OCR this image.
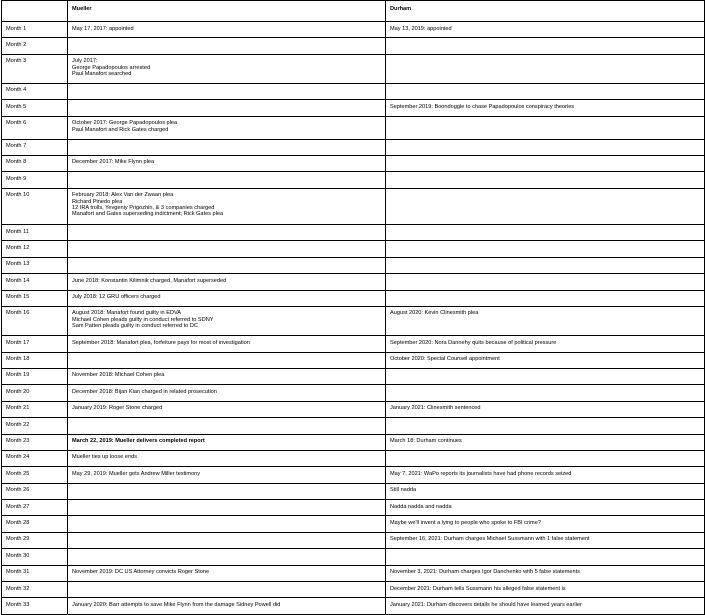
	Mueller	Durham
Month 1	May 17, 2017: appointed	May 13, 2019: appointed
Month 2		
Month 3	July 2017:
George Papadopoulos arrested
Paul Manafort searched	
Month 4		
Month 5		September 2019: Boondoggle to chase Papadopoulos conspiracy theories
Month 6	October 2017: George Papadopoulos plea
Paul Manafort and Rick Gates charged	
Month 7		
Month 8	December 2017: Mike Flynn plea	
Month 9		
Month 10	February 2018: Alex Van der Zwaan plea
Richard Pinedo plea
12 IRA trolls, Yevgeniy Prigozhin, & 3 companies charged
Manafort and Gates superseding indictment; Rick Gates plea	
Month 11		
Month 12		
Month 13		
Month 14	June 2018: Konstantin Kilimnik charged, Manafort superseded	
Month 15	July 2018: 12 GRU officers charged	
Month 16	August 2018: Manafort found guilty in EDVA
Michael Cohen pleads guilty in conduct referred to SDNY
Sam Patten pleads guilty in conduct referred to DC	August 2020: Kevin Clinesmith plea
Month 17	September 2018: Manafort plea, forfeiture pays for most of investigation	September 2020: Nora Dannehy quits because of political pressure
Month 18		October 2020: Special Counsel appointment
Month 19	November 2018: Michael Cohen plea	
Month 20	December 2018: Bijan Kian charged in related prosecution	
Month 21	January 2019: Roger Stone charged	January 2021: Clinesmith sentenced
Month 22		
Month 23	March 22, 2019: Mueller delivers completed report	March 18: Durham continues
Month 24	Mueller ties up loose ends	
Month 25	May 29, 2019: Mueller gets Andrew Miller testimony	May 7, 2021: WaPo reports its journalists have had phone records seized
Month 26		Still nadda
Month 27		Nadda nadda and nadda
Month 28		Maybe we'll invent a lying to people who spoke to FBI crime?
Month 29		September 16, 2021: Durham charges Michael Sussmann with 1 false statement
Month 30		
Month 31	November 2019: DC US Attorney convicts Roger Stone	November 3, 2021: Durham charges Igor Danchenko with 5 false statements
Month 32		December 2021: Durham tells Sussmann his alleged false statement is
Month 33	January 2020: Barr attempts to save Mike Flynn from the damage Sidney Powell did	January 2021: Durham discovers details he should have learned years earlier
